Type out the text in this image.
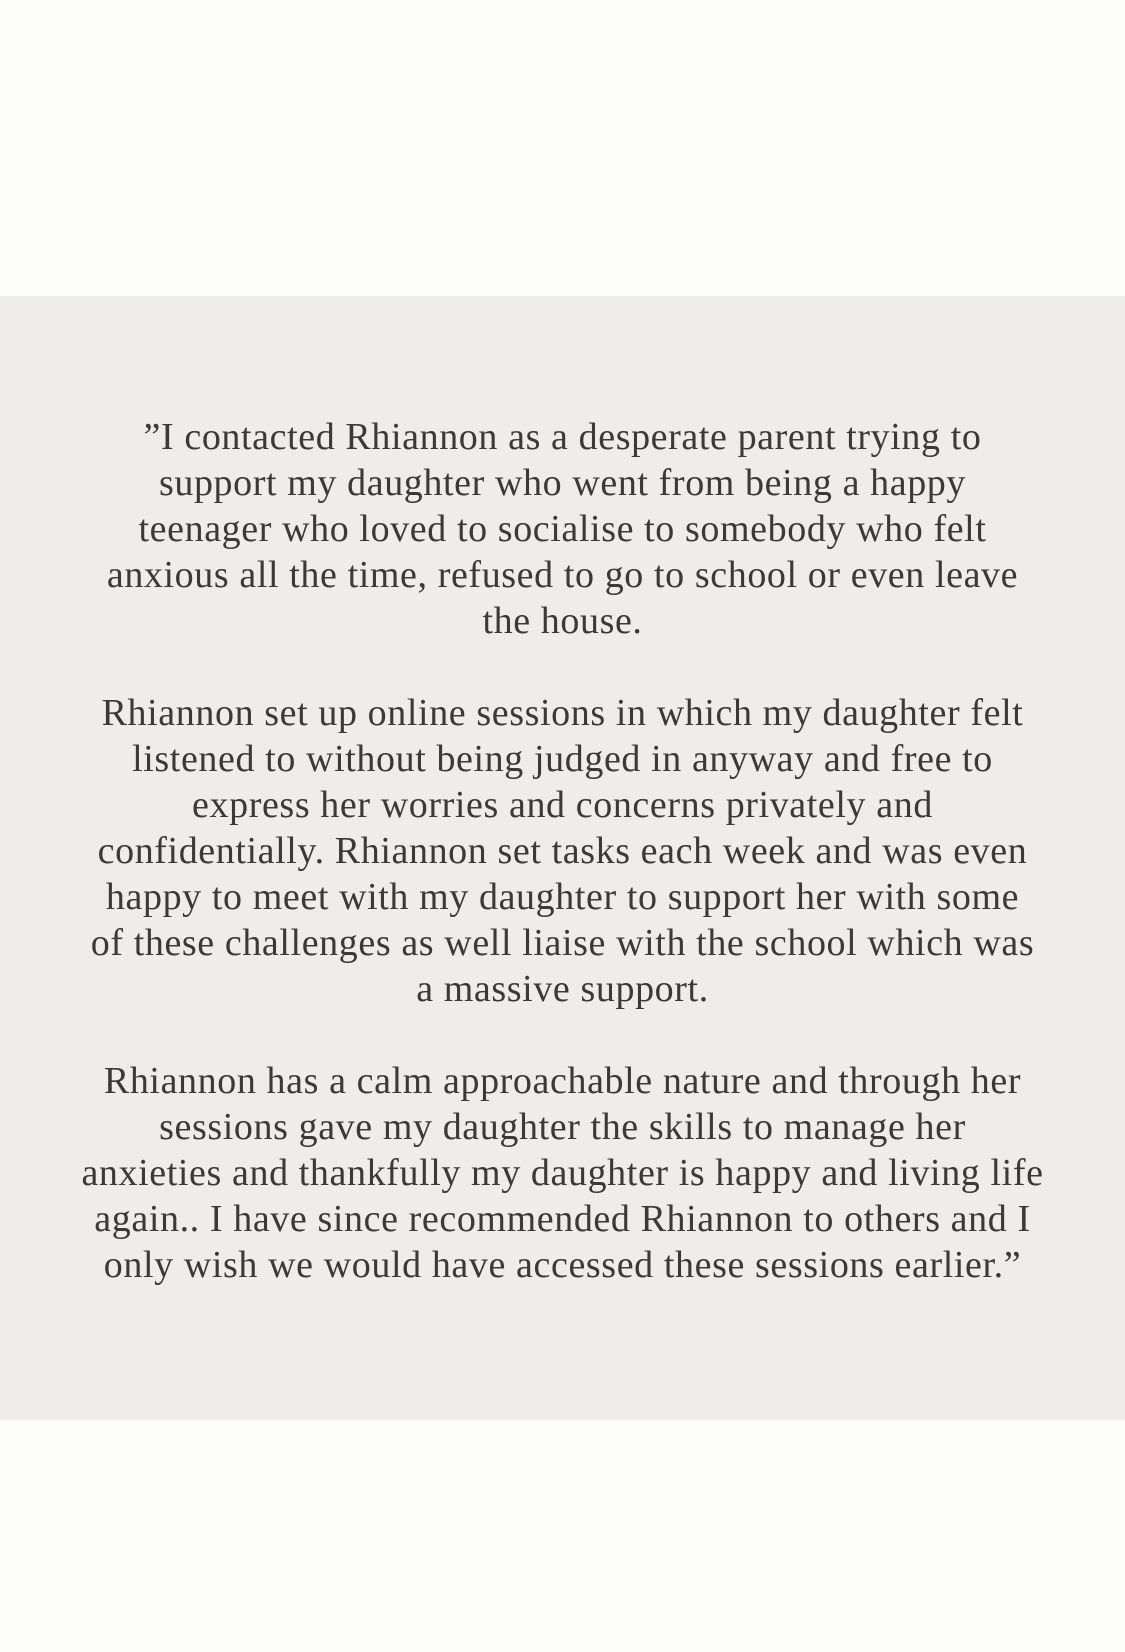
”I contacted Rhiannon as a desperate parent trying to
support my daughter who went from being a happy
teenager who loved to socialise to somebody who felt
anxious all the time, refused to go to school or even leave
the house.

Rhiannon set up online sessions in which my daughter felt
listened to without being judged in anyway and free to
express her worries and concerns privately and
confidentially. Rhiannon set tasks each week and was even
happy to meet with my daughter to support her with some
of these challenges as well liaise with the school which was
a massive support.

Rhiannon has a calm approachable nature and through her
sessions gave my daughter the skills to manage her
anxieties and thankfully my daughter is happy and living life
again.. I have since recommended Rhiannon to others and I
only wish we would have accessed these sessions earlier.”
